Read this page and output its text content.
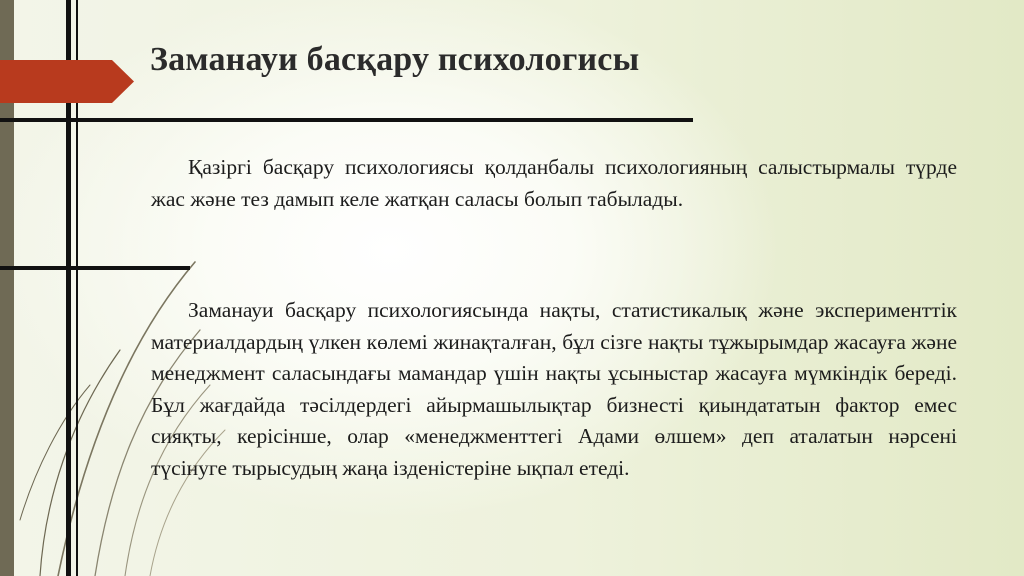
Заманауи басқару психологисы

Қазіргі басқару психологиясы қолданбалы психологияның салыстырмалы түрде жас және тез дамып келе жатқан саласы болып табылады.

Заманауи басқару психологиясында нақты, статистикалық және эксперименттік материалдардың үлкен көлемі жинақталған, бұл сізге нақты тұжырымдар жасауға және менеджмент саласындағы мамандар үшін нақты ұсыныстар жасауға мүмкіндік береді. Бұл жағдайда тәсілдердегі айырмашылықтар бизнесті қиындататын фактор емес сияқты, керісінше, олар «менеджменттегі Адами өлшем» деп аталатын нәрсені түсінуге тырысудың жаңа ізденістеріне ықпал етеді.
